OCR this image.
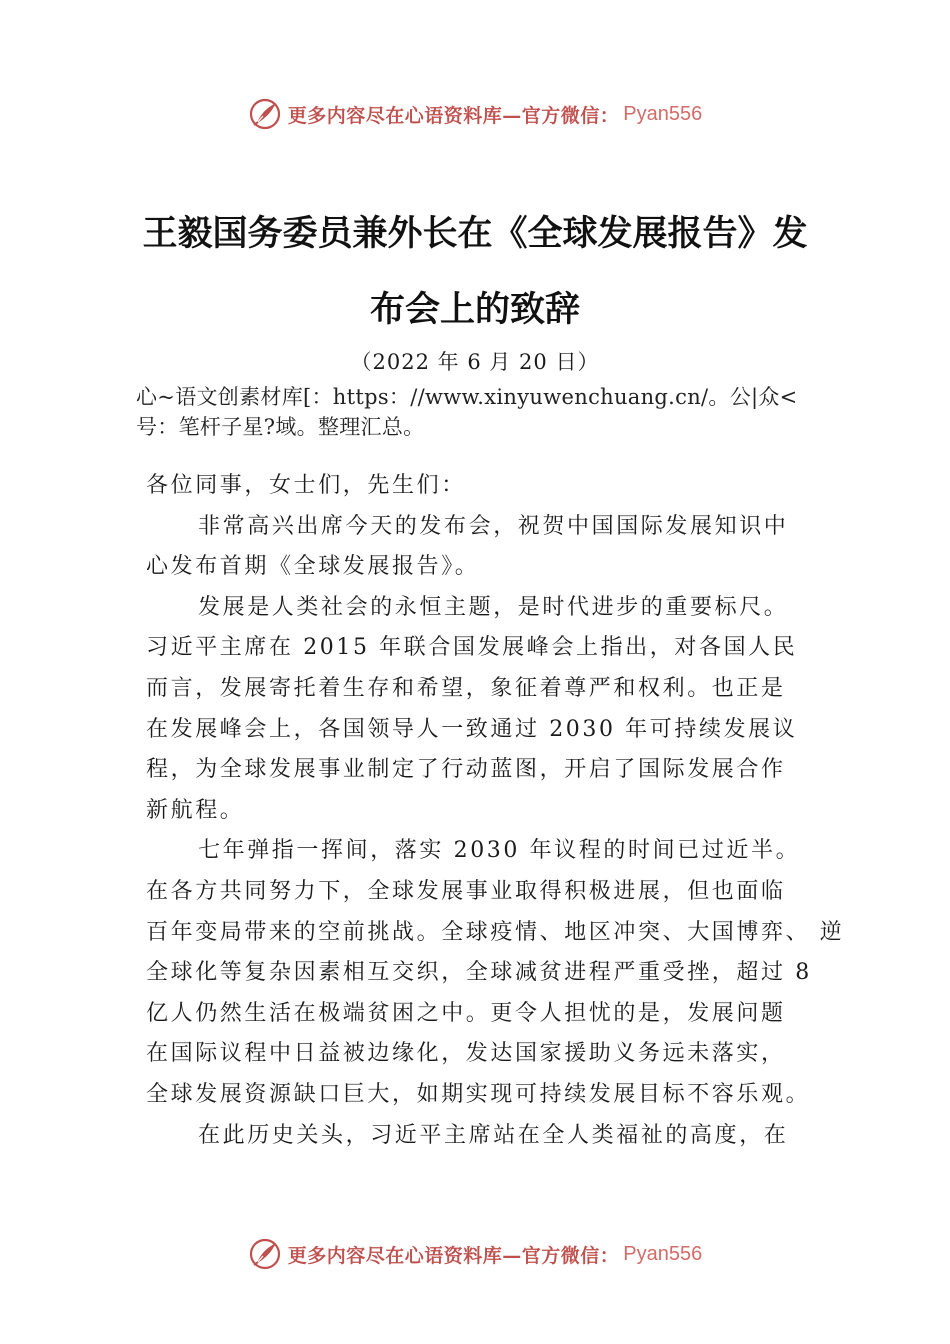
更多内容尽在心语资料库—官方微信： Pyan556
王毅国务委员兼外长在《全球发展报告》发
布会上的致辞
（2022 年 6 月 20 日）
心~语文创素材库[：https：//www.xinyuwenchuang.cn/。公|众<
号：笔杆子星?域。整理汇总。
各位同事，女士们，先生们：
非常高兴出席今天的发布会，祝贺中国国际发展知识中
心发布首期《全球发展报告》。
发展是人类社会的永恒主题，是时代进步的重要标尺。
习近平主席在 2015 年联合国发展峰会上指出，对各国人民
而言，发展寄托着生存和希望，象征着尊严和权利。也正是
在发展峰会上，各国领导人一致通过 2030 年可持续发展议
程，为全球发展事业制定了行动蓝图，开启了国际发展合作
新航程。
七年弹指一挥间，落实 2030 年议程的时间已过近半。
在各方共同努力下，全球发展事业取得积极进展，但也面临
百年变局带来的空前挑战。全球疫情、地区冲突、大国博弈、 逆
全球化等复杂因素相互交织，全球减贫进程严重受挫，超过 8
亿人仍然生活在极端贫困之中。更令人担忧的是，发展问题
在国际议程中日益被边缘化，发达国家援助义务远未落实，
全球发展资源缺口巨大，如期实现可持续发展目标不容乐观。
在此历史关头，习近平主席站在全人类福祉的高度，在
更多内容尽在心语资料库—官方微信： Pyan556
